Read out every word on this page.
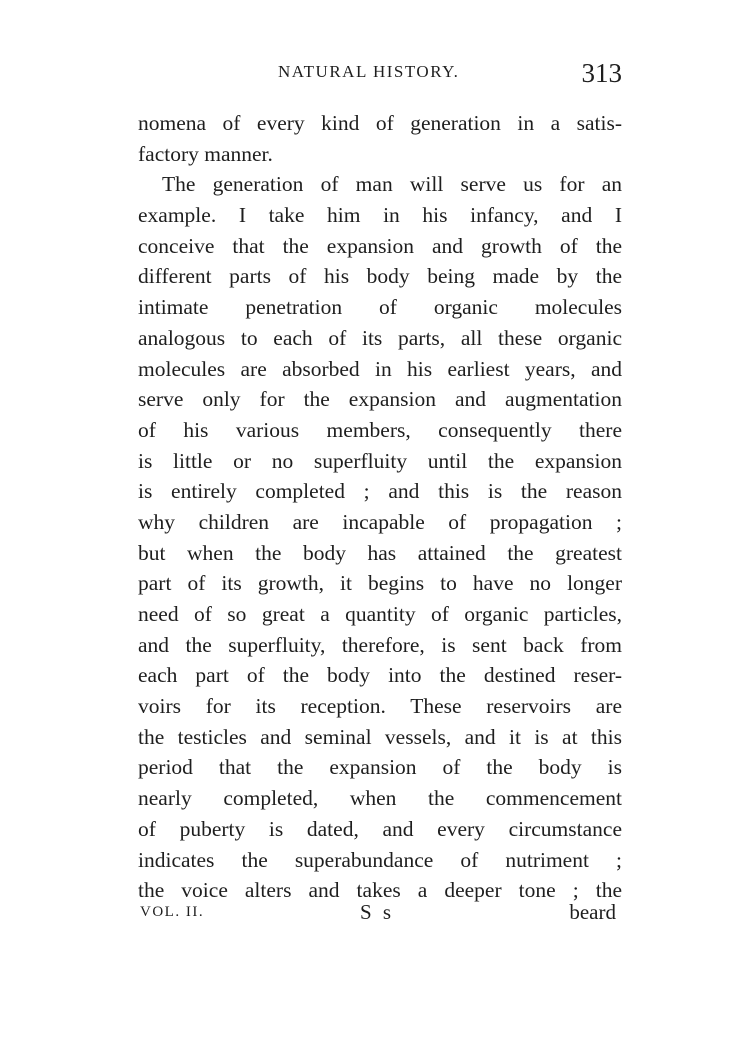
NATURAL HISTORY.	313
nomena of every kind of generation in a satis-
factory manner.
The generation of man will serve us for an
example. I take him in his infancy, and I
conceive that the expansion and growth of the
different parts of his body being made by the
intimate penetration of organic molecules
analogous to each of its parts, all these organic
molecules are absorbed in his earliest years, and
serve only for the expansion and augmentation
of his various members, consequently there
is little or no superfluity until the expansion
is entirely completed ; and this is the reason
why children are incapable of propagation ;
but when the body has attained the greatest
part of its growth, it begins to have no longer
need of so great a quantity of organic particles,
and the superfluity, therefore, is sent back from
each part of the body into the destined reser-
voirs for its reception. These reservoirs are
the testicles and seminal vessels, and it is at this
period that the expansion of the body is
nearly completed, when the commencement
of puberty is dated, and every circumstance
indicates the superabundance of nutriment ;
the voice alters and takes a deeper tone ; the
VOL. II.	S s	beard
